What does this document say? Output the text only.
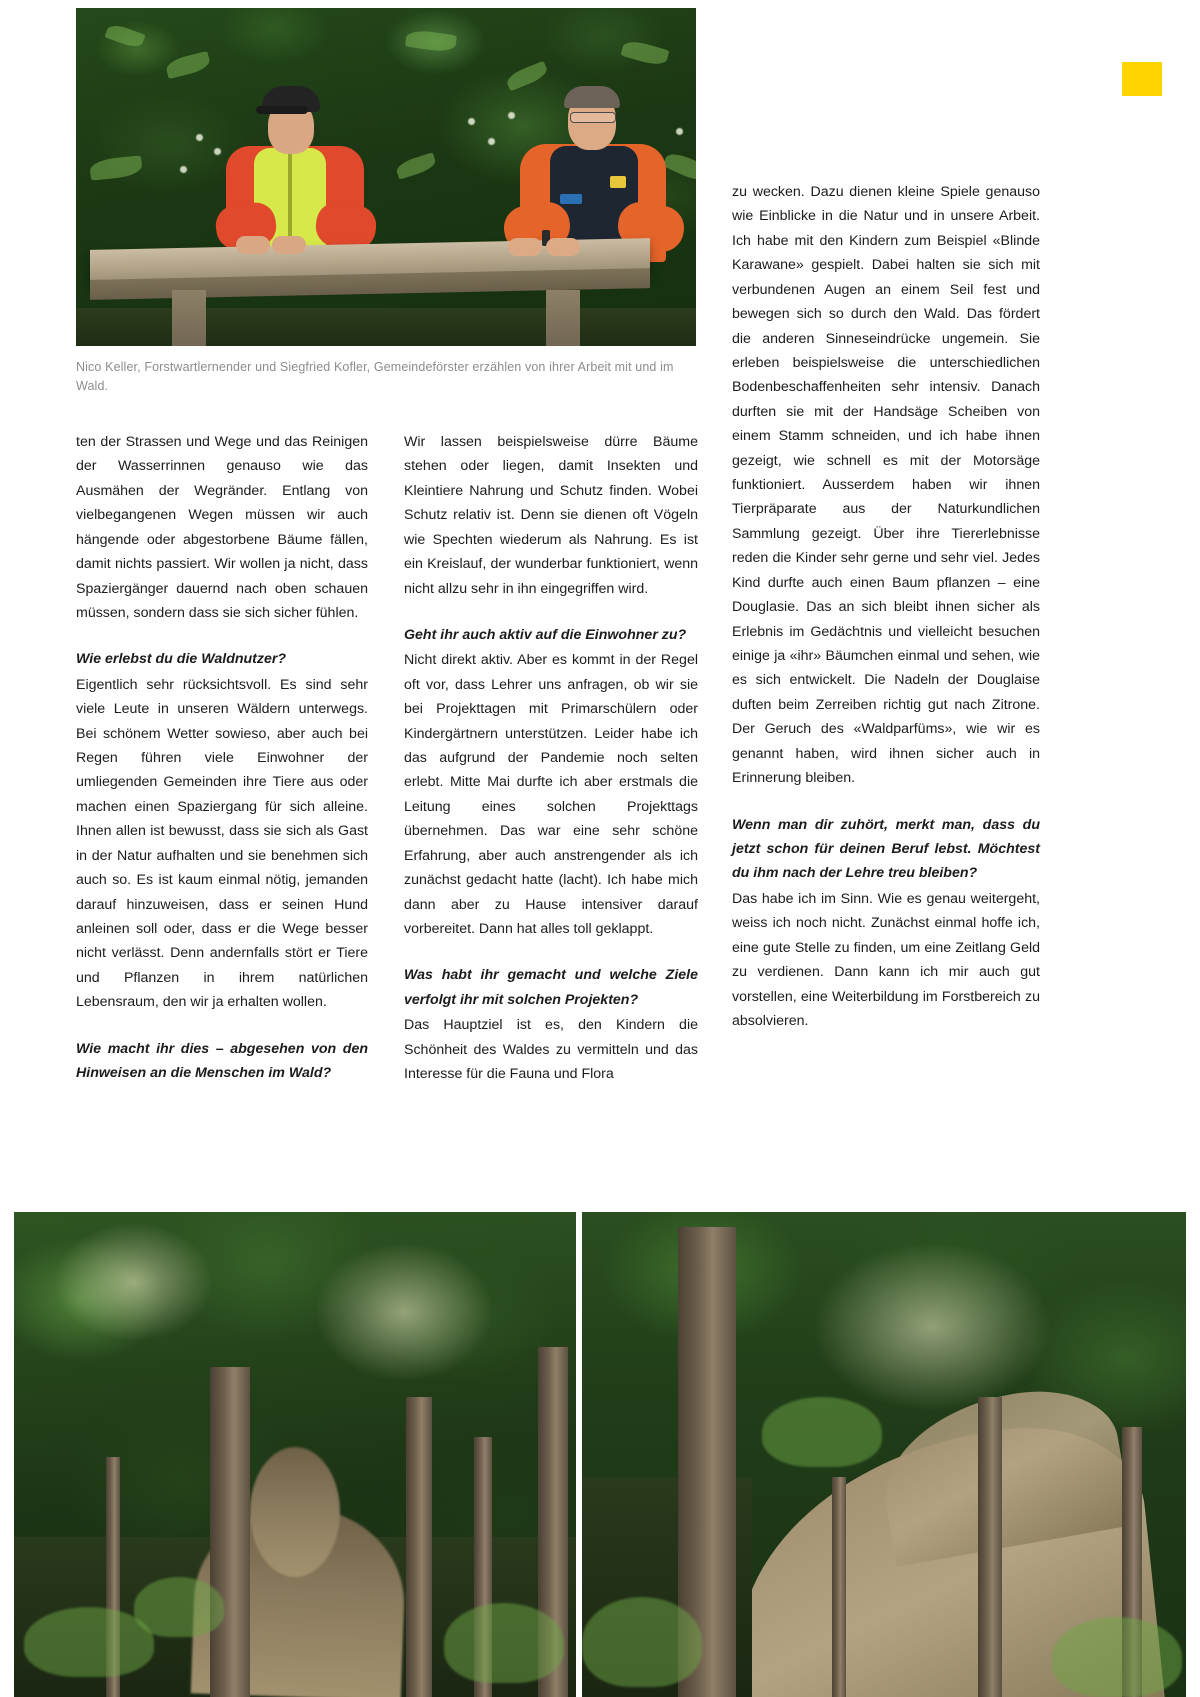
Nico Keller, Forstwartlernender und Siegfried Kofler, Gemeindeförster erzählen von ihrer Arbeit mit und im Wald.

ten der Strassen und Wege und das Reinigen der Wasserrinnen genauso wie das Ausmähen der Wegränder. Entlang von vielbegangenen Wegen müssen wir auch hängende oder abgestorbene Bäume fällen, damit nichts passiert. Wir wollen ja nicht, dass Spaziergänger dauernd nach oben schauen müssen, sondern dass sie sich sicher fühlen.

Wie erlebst du die Waldnutzer?

Eigentlich sehr rücksichtsvoll. Es sind sehr viele Leute in unseren Wäldern unterwegs. Bei schönem Wetter sowieso, aber auch bei Regen führen viele Einwohner der umliegenden Gemeinden ihre Tiere aus oder machen einen Spaziergang für sich alleine. Ihnen allen ist bewusst, dass sie sich als Gast in der Natur aufhalten und sie benehmen sich auch so. Es ist kaum einmal nötig, jemanden darauf hinzuweisen, dass er seinen Hund anleinen soll oder, dass er die Wege besser nicht verlässt. Denn andernfalls stört er Tiere und Pflanzen in ihrem natürlichen Lebensraum, den wir ja erhalten wollen.

Wie macht ihr dies – abgesehen von den Hinweisen an die Menschen im Wald?

Wir lassen beispielsweise dürre Bäume stehen oder liegen, damit Insekten und Kleintiere Nahrung und Schutz finden. Wobei Schutz relativ ist. Denn sie dienen oft Vögeln wie Spechten wiederum als Nahrung. Es ist ein Kreislauf, der wunderbar funktioniert, wenn nicht allzu sehr in ihn eingegriffen wird.

Geht ihr auch aktiv auf die Einwohner zu?

Nicht direkt aktiv. Aber es kommt in der Regel oft vor, dass Lehrer uns anfragen, ob wir sie bei Projekttagen mit Primarschülern oder Kindergärtnern unterstützen. Leider habe ich das aufgrund der Pandemie noch selten erlebt. Mitte Mai durfte ich aber erstmals die Leitung eines solchen Projekttags übernehmen. Das war eine sehr schöne Erfahrung, aber auch anstrengender als ich zunächst gedacht hatte (lacht). Ich habe mich dann aber zu Hause intensiver darauf vorbereitet. Dann hat alles toll geklappt.

Was habt ihr gemacht und welche Ziele verfolgt ihr mit solchen Projekten?

Das Hauptziel ist es, den Kindern die Schönheit des Waldes zu vermitteln und das Interesse für die Fauna und Flora

zu wecken. Dazu dienen kleine Spiele genauso wie Einblicke in die Natur und in unsere Arbeit. Ich habe mit den Kindern zum Beispiel «Blinde Karawane» gespielt. Dabei halten sie sich mit verbundenen Augen an einem Seil fest und bewegen sich so durch den Wald. Das fördert die anderen Sinneseindrücke ungemein. Sie erleben beispielsweise die unterschiedlichen Bodenbeschaffenheiten sehr intensiv. Danach durften sie mit der Handsäge Scheiben von einem Stamm schneiden, und ich habe ihnen gezeigt, wie schnell es mit der Motorsäge funktioniert. Ausserdem haben wir ihnen Tierpräparate aus der Naturkundlichen Sammlung gezeigt. Über ihre Tiererlebnisse reden die Kinder sehr gerne und sehr viel. Jedes Kind durfte auch einen Baum pflanzen – eine Douglasie. Das an sich bleibt ihnen sicher als Erlebnis im Gedächtnis und vielleicht besuchen einige ja «ihr» Bäumchen einmal und sehen, wie es sich entwickelt. Die Nadeln der Douglaise duften beim Zerreiben richtig gut nach Zitrone. Der Geruch des «Waldparfüms», wie wir es genannt haben, wird ihnen sicher auch in Erinnerung bleiben.

Wenn man dir zuhört, merkt man, dass du jetzt schon für deinen Beruf lebst. Möchtest du ihm nach der Lehre treu bleiben?

Das habe ich im Sinn. Wie es genau weitergeht, weiss ich noch nicht. Zunächst einmal hoffe ich, eine gute Stelle zu finden, um eine Zeitlang Geld zu verdienen. Dann kann ich mir auch gut vorstellen, eine Weiterbildung im Forstbereich zu absolvieren.
